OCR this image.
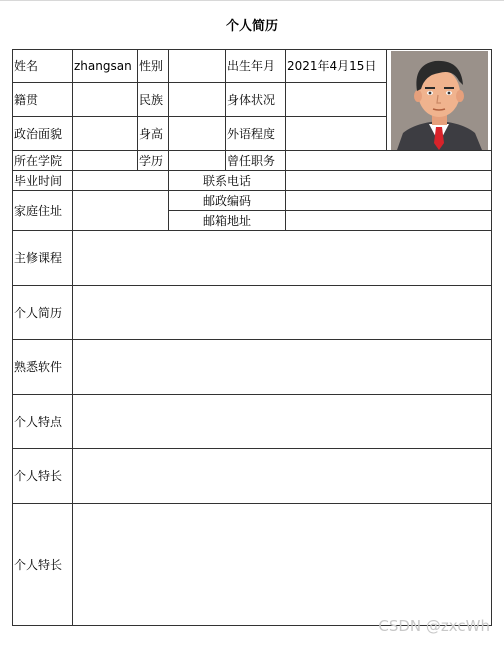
个人简历
姓名	zhangsan	性别		出生年月	2021年4月15日	

籍贯		民族		身体状况		
政治面貌		身高		外语程度		
所在学院		学历		曾任职务		
毕业时间			联系电话			
家庭住址			邮政编码			
			邮箱地址			
主修课程						
个人简历						
熟悉软件						
个人特点						
个人特长						
个人特长						
CSDN @zxcWh
